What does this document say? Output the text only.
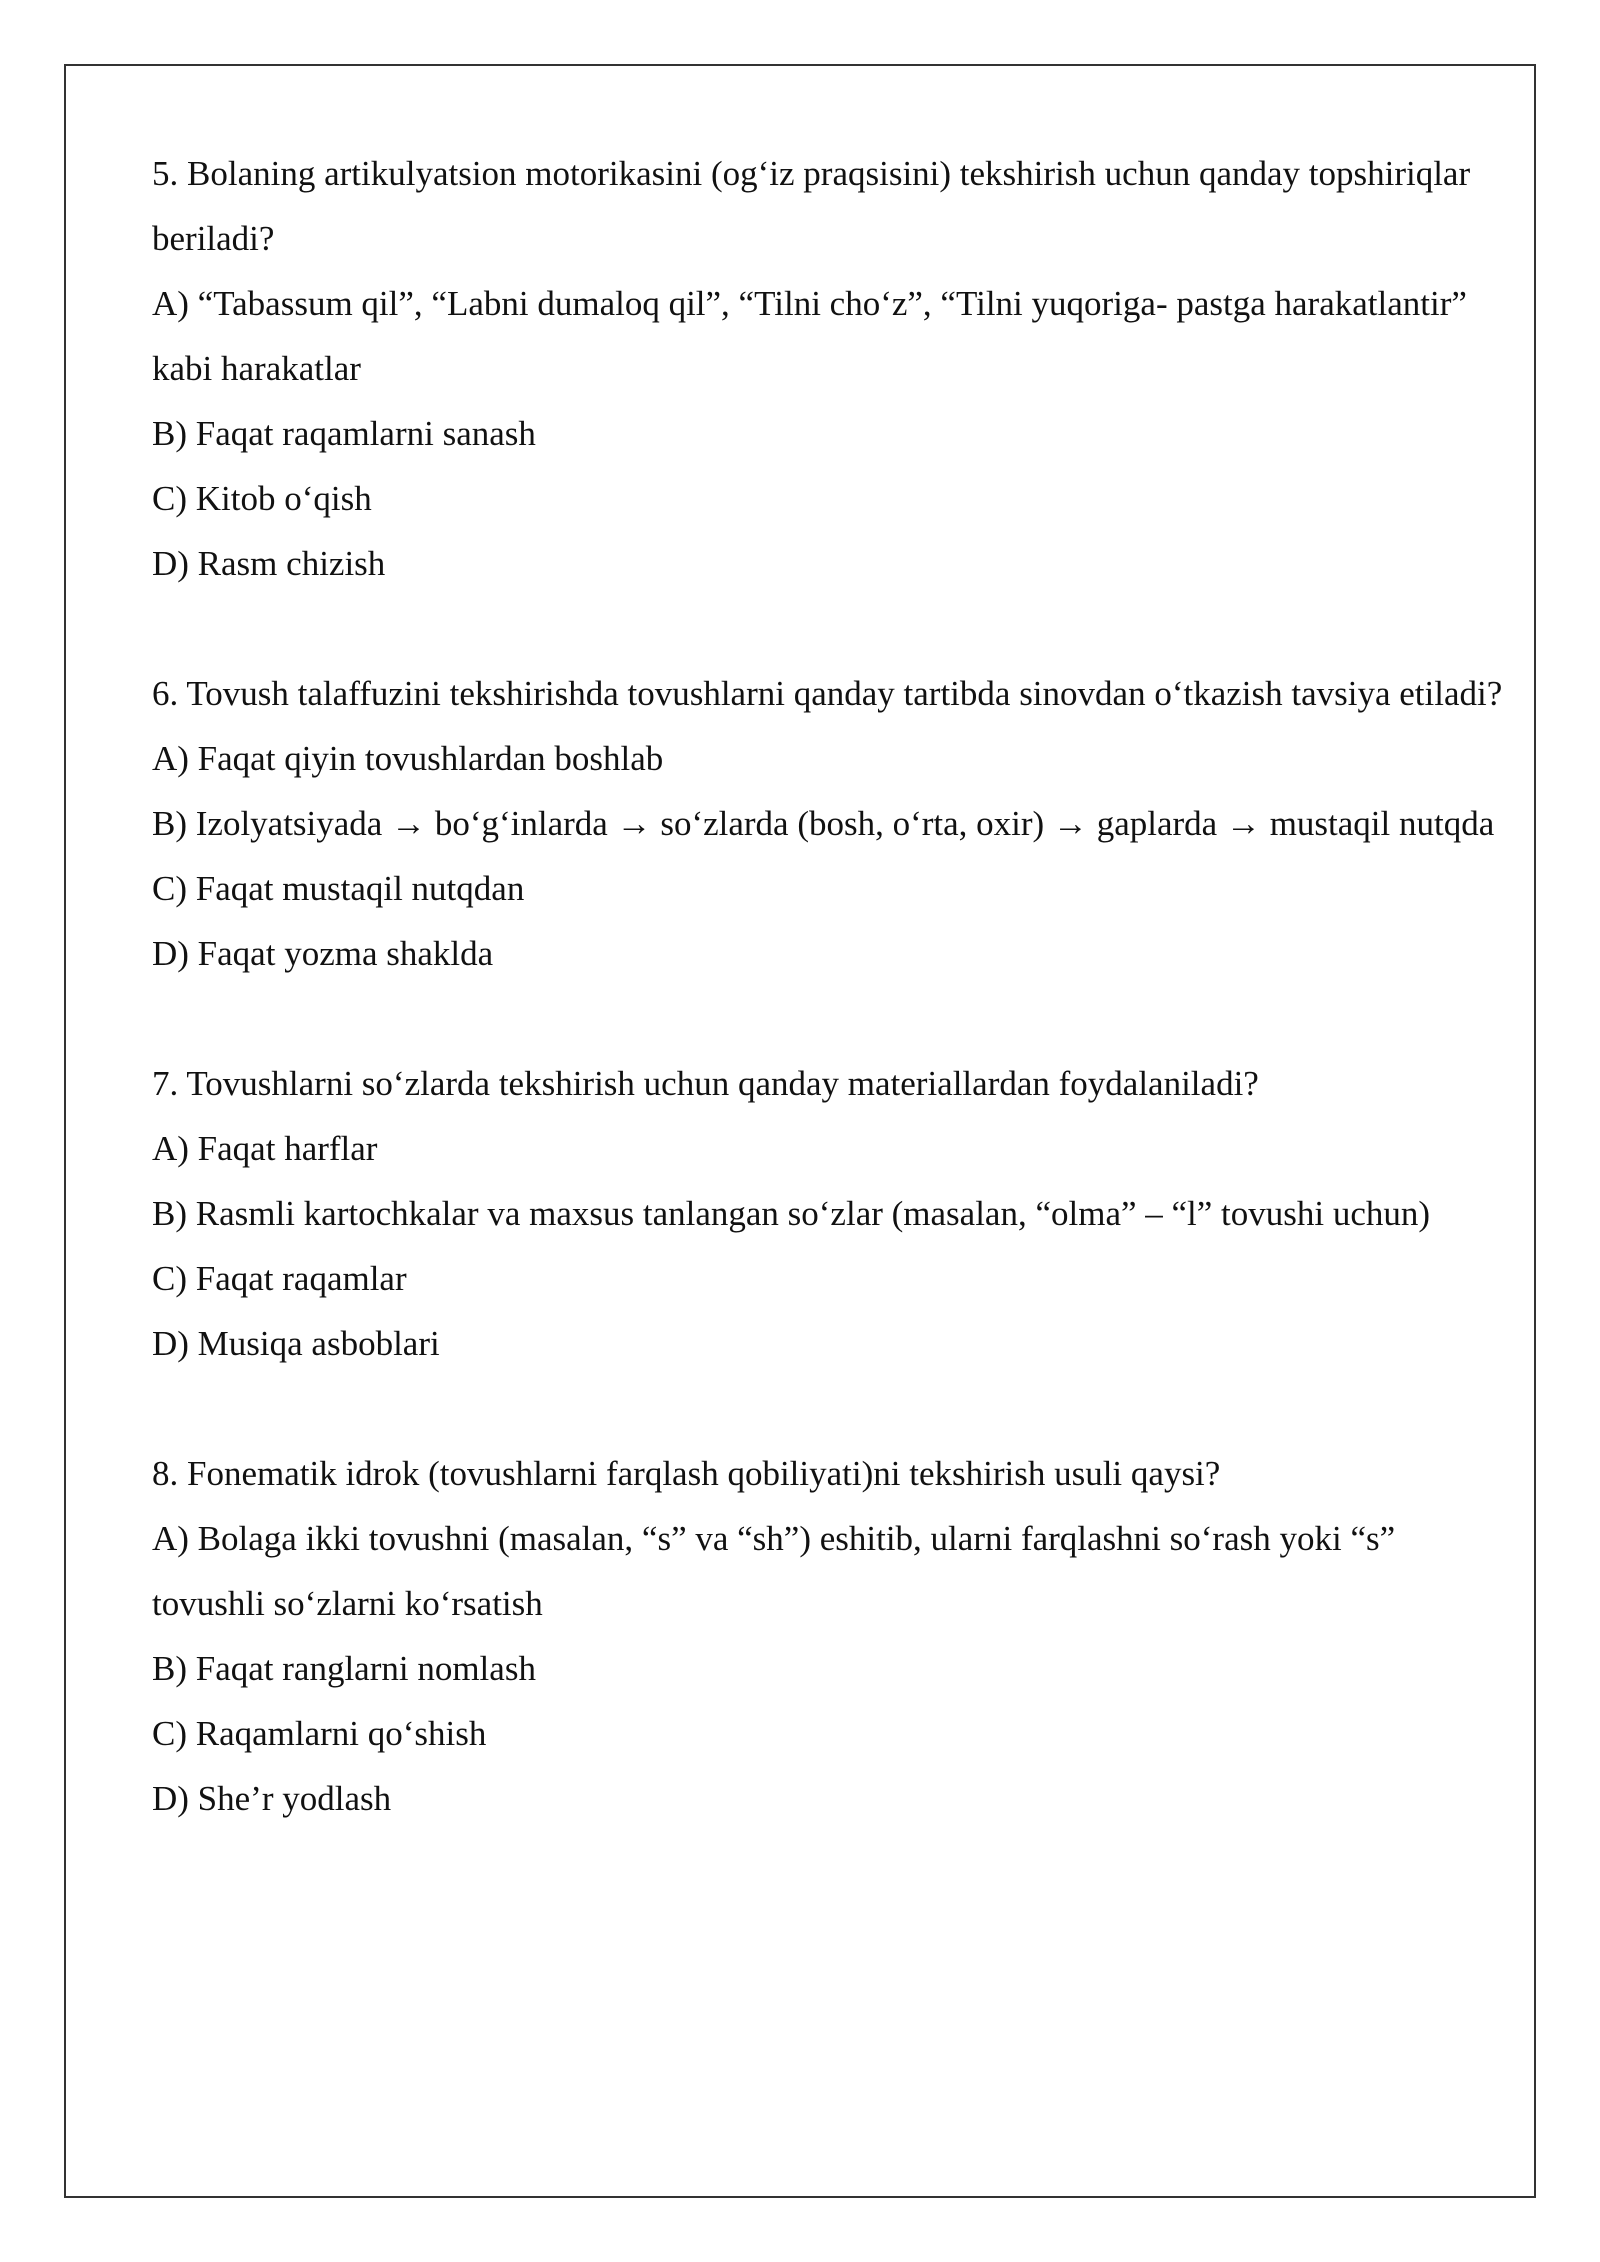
5. Bolaning artikulyatsion motorikasini (og‘iz praqsisini) tekshirish uchun qanday topshiriqlar beriladi?

A) “Tabassum qil”, “Labni dumaloq qil”, “Tilni cho‘z”, “Tilni yuqoriga- pastga harakatlantir” kabi harakatlar

B) Faqat raqamlarni sanash

C) Kitob o‘qish

D) Rasm chizish

6. Tovush talaffuzini tekshirishda tovushlarni qanday tartibda sinovdan o‘tkazish tavsiya etiladi?

A) Faqat qiyin tovushlardan boshlab

B) Izolyatsiyada → bo‘g‘inlarda → so‘zlarda (bosh, o‘rta, oxir) → gaplarda → mustaqil nutqda

C) Faqat mustaqil nutqdan

D) Faqat yozma shaklda

7. Tovushlarni so‘zlarda tekshirish uchun qanday materiallardan foydalaniladi?

A) Faqat harflar

B) Rasmli kartochkalar va maxsus tanlangan so‘zlar (masalan, “olma” – “l” tovushi uchun)

C) Faqat raqamlar

D) Musiqa asboblari

8. Fonematik idrok (tovushlarni farqlash qobiliyati)ni tekshirish usuli qaysi?

A) Bolaga ikki tovushni (masalan, “s” va “sh”) eshitib, ularni farqlashni so‘rash yoki “s” tovushli so‘zlarni ko‘rsatish

B) Faqat ranglarni nomlash

C) Raqamlarni qo‘shish

D) She’r yodlash
